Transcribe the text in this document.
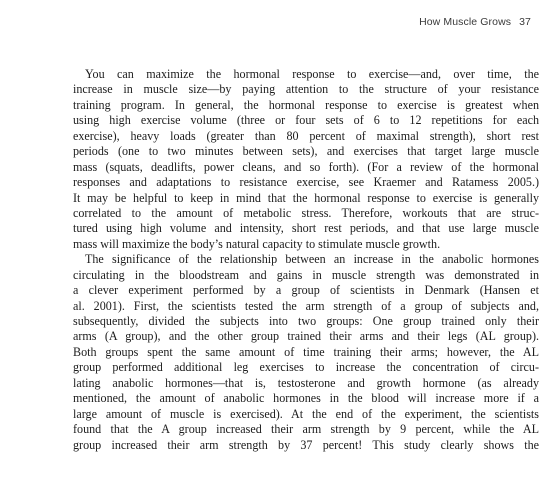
How Muscle Grows 37

You can maximize the hormonal response to exercise—and, over time, the
increase in muscle size—by paying attention to the structure of your resistance
training program. In general, the hormonal response to exercise is greatest when
using high exercise volume (three or four sets of 6 to 12 repetitions for each
exercise), heavy loads (greater than 80 percent of maximal strength), short rest
periods (one to two minutes between sets), and exercises that target large muscle
mass (squats, deadlifts, power cleans, and so forth). (For a review of the hormonal
responses and adaptations to resistance exercise, see Kraemer and Ratamess 2005.)
It may be helpful to keep in mind that the hormonal response to exercise is generally
correlated to the amount of metabolic stress. Therefore, workouts that are struc-
tured using high volume and intensity, short rest periods, and that use large muscle
mass will maximize the body’s natural capacity to stimulate muscle growth.

The significance of the relationship between an increase in the anabolic hormones
circulating in the bloodstream and gains in muscle strength was demonstrated in
a clever experiment performed by a group of scientists in Denmark (Hansen et
al. 2001). First, the scientists tested the arm strength of a group of subjects and,
subsequently, divided the subjects into two groups: One group trained only their
arms (A group), and the other group trained their arms and their legs (AL group).
Both groups spent the same amount of time training their arms; however, the AL
group performed additional leg exercises to increase the concentration of circu-
lating anabolic hormones—that is, testosterone and growth hormone (as already
mentioned, the amount of anabolic hormones in the blood will increase more if a
large amount of muscle is exercised). At the end of the experiment, the scientists
found that the A group increased their arm strength by 9 percent, while the AL
group increased their arm strength by 37 percent! This study clearly shows the
